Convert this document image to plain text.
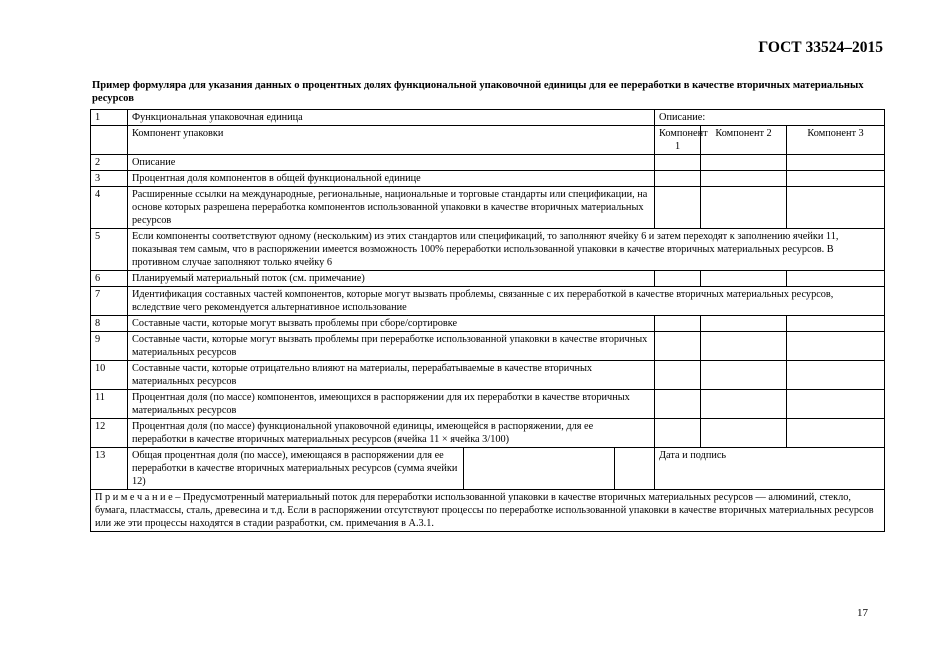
ГОСТ 33524–2015
Пример формуляра для указания данных о процентных долях функциональной упаковочной единицы для ее переработки в качестве вторичных материальных ресурсов
1	Функциональная упаковочная единица			Описание:		
	Компонент упаковки			Компонент 1	Компонент 2	Компонент 3
2	Описание					
3	Процентная доля компонентов в общей функциональной единице					
4	Расширенные ссылки на международные, региональные, национальные и торговые стандарты или спецификации, на основе которых разрешена переработка компонентов использованной упаковки в качестве вторичных материальных ресурсов					
5	Если компоненты соответствуют одному (нескольким) из этих стандартов или спецификаций, то заполняют ячейку 6 и затем переходят к заполнению ячейки 11, показывая тем самым, что в распоряжении имеется возможность 100% переработки использованной упаковки в качестве вторичных материальных ресурсов. В противном случае заполняют только ячейку 6					
6	Планируемый материальный поток (см. примечание)					
7	Идентификация составных частей компонентов, которые могут вызвать проблемы, связанные с их переработкой в качестве вторичных материальных ресурсов, вследствие чего рекомендуется альтернативное использование					
8	Составные части, которые могут вызвать проблемы при сборе/сортировке					
9	Составные части, которые могут вызвать проблемы при переработке использованной упаковки в качестве вторичных материальных ресурсов					
10	Составные части, которые отрицательно влияют на материалы, перерабатываемые в качестве вторичных материальных ресурсов					
11	Процентная доля (по массе) компонентов, имеющихся в распоряжении для их переработки в качестве вторичных материальных ресурсов					
12	Процентная доля (по массе) функциональной упаковочной единицы, имеющейся в распоряжении, для ее переработки в качестве вторичных материальных ресурсов (ячейка 11 × ячейка 3/100)					
13	Общая процентная доля (по массе), имеющаяся в распоряжении для ее переработки в качестве вторичных материальных ресурсов (сумма ячейки 12)			Дата и подпись		
П р и м е ч а н и е – Предусмотренный материальный поток для переработки использованной упаковки в качестве вторичных материальных ресурсов — алюминий, стекло, бумага, пластмассы, сталь, древесина и т.д. Если в распоряжении отсутствуют процессы по переработке использованной упаковки в качестве вторичных материальных ресурсов или же эти процессы находятся в стадии разработки, см. примечания в А.3.1.						
17
